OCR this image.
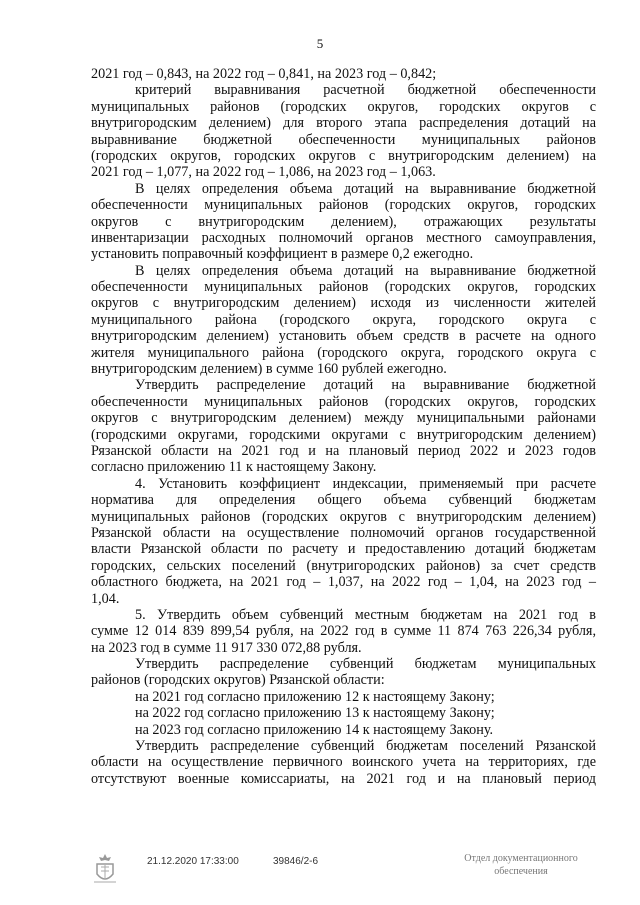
5
2021 год – 0,843, на 2022 год – 0,841, на 2023 год – 0,842;
критерий выравнивания расчетной бюджетной обеспеченности
муниципальных районов (городских округов, городских округов с
внутригородским делением) для второго этапа распределения дотаций на
выравнивание бюджетной обеспеченности муниципальных районов
(городских округов, городских округов с внутригородским делением) на
2021 год – 1,077, на 2022 год – 1,086, на 2023 год – 1,063.
В целях определения объема дотаций на выравнивание бюджетной
обеспеченности муниципальных районов (городских округов, городских
округов с внутригородским делением), отражающих результаты
инвентаризации расходных полномочий органов местного самоуправления,
установить поправочный коэффициент в размере 0,2 ежегодно.
В целях определения объема дотаций на выравнивание бюджетной
обеспеченности муниципальных районов (городских округов, городских
округов с внутригородским делением) исходя из численности жителей
муниципального района (городского округа, городского округа с
внутригородским делением) установить объем средств в расчете на одного
жителя муниципального района (городского округа, городского округа с
внутригородским делением) в сумме 160 рублей ежегодно.
Утвердить распределение дотаций на выравнивание бюджетной
обеспеченности муниципальных районов (городских округов, городских
округов с внутригородским делением) между муниципальными районами
(городскими округами, городскими округами с внутригородским делением)
Рязанской области на 2021 год и на плановый период 2022 и 2023 годов
согласно приложению 11 к настоящему Закону.
4. Установить коэффициент индексации, применяемый при расчете
норматива для определения общего объема субвенций бюджетам
муниципальных районов (городских округов с внутригородским делением)
Рязанской области на осуществление полномочий органов государственной
власти Рязанской области по расчету и предоставлению дотаций бюджетам
городских, сельских поселений (внутригородских районов) за счет средств
областного бюджета, на 2021 год – 1,037, на 2022 год – 1,04, на 2023 год –
1,04.
5. Утвердить объем субвенций местным бюджетам на 2021 год в
сумме 12 014 839 899,54 рубля, на 2022 год в сумме 11 874 763 226,34 рубля,
на 2023 год в сумме 11 917 330 072,88 рубля.
Утвердить распределение субвенций бюджетам муниципальных
районов (городских округов) Рязанской области:
на 2021 год согласно приложению 12 к настоящему Закону;
на 2022 год согласно приложению 13 к настоящему Закону;
на 2023 год согласно приложению 14 к настоящему Закону.
Утвердить распределение субвенций бюджетам поселений Рязанской
области на осуществление первичного воинского учета на территориях, где
отсутствуют военные комиссариаты, на 2021 год и на плановый период
21.12.2020 17:33:00	39846/2-6	Отдел документационного
обеспечения
